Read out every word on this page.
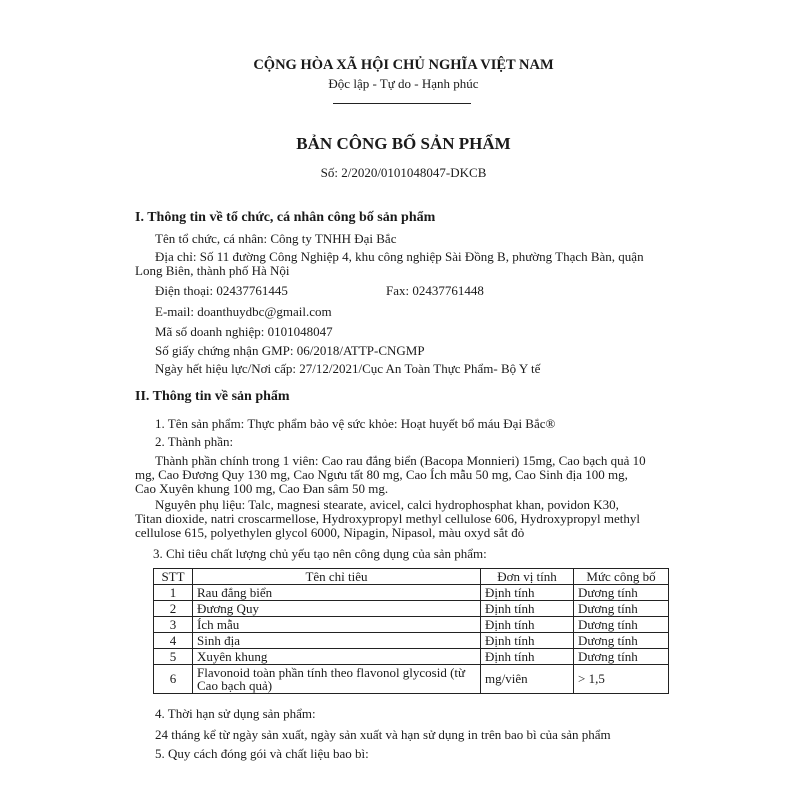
CỘNG HÒA XÃ HỘI CHỦ NGHĨA VIỆT NAM
Độc lập - Tự do - Hạnh phúc
BẢN CÔNG BỐ SẢN PHẨM
Số: 2/2020/0101048047-DKCB
I. Thông tin về tổ chức, cá nhân công bố sản phẩm
Tên tổ chức, cá nhân: Công ty TNHH Đại Bắc
Địa chỉ: Số 11 đường Công Nghiệp 4, khu công nghiệp Sài Đồng B, phường Thạch Bàn, quận
Long Biên, thành phố Hà Nội
Điện thoại: 02437761445	Fax: 02437761448
E-mail: doanthuydbc@gmail.com
Mã số doanh nghiệp: 0101048047
Số giấy chứng nhận GMP: 06/2018/ATTP-CNGMP
Ngày hết hiệu lực/Nơi cấp: 27/12/2021/Cục An Toàn Thực Phẩm- Bộ Y tế
II. Thông tin về sản phẩm
1. Tên sản phẩm: Thực phẩm bảo vệ sức khỏe: Hoạt huyết bổ máu Đại Bắc®
2. Thành phần:
Thành phần chính trong 1 viên: Cao rau đắng biển (Bacopa Monnieri) 15mg, Cao bạch quả 10
mg, Cao Đương Quy 130 mg, Cao Ngưu tất 80 mg, Cao Ích mẫu 50 mg, Cao Sinh địa 100 mg,
Cao Xuyên khung 100 mg, Cao Đan sâm 50 mg.
Nguyên phụ liệu: Talc, magnesi stearate, avicel, calci hydrophosphat khan, povidon K30,
Titan dioxide, natri croscarmellose, Hydroxypropyl methyl cellulose 606, Hydroxypropyl methyl
cellulose 615, polyethylen glycol 6000, Nipagin, Nipasol, màu oxyd sắt đỏ
3. Chỉ tiêu chất lượng chủ yếu tạo nên công dụng của sản phẩm:
STT	Tên chỉ tiêu	Đơn vị tính	Mức công bố
1	Rau đắng biển	Định tính	Dương tính
2	Đương Quy	Định tính	Dương tính
3	Ích mẫu	Định tính	Dương tính
4	Sinh địa	Định tính	Dương tính
5	Xuyên khung	Định tính	Dương tính
6	Flavonoid toàn phần tính theo flavonol glycosid (từ Cao bạch quả)	mg/viên	> 1,5
4. Thời hạn sử dụng sản phẩm:
24 tháng kể từ ngày sản xuất, ngày sản xuất và hạn sử dụng in trên bao bì của sản phẩm
5. Quy cách đóng gói và chất liệu bao bì:
